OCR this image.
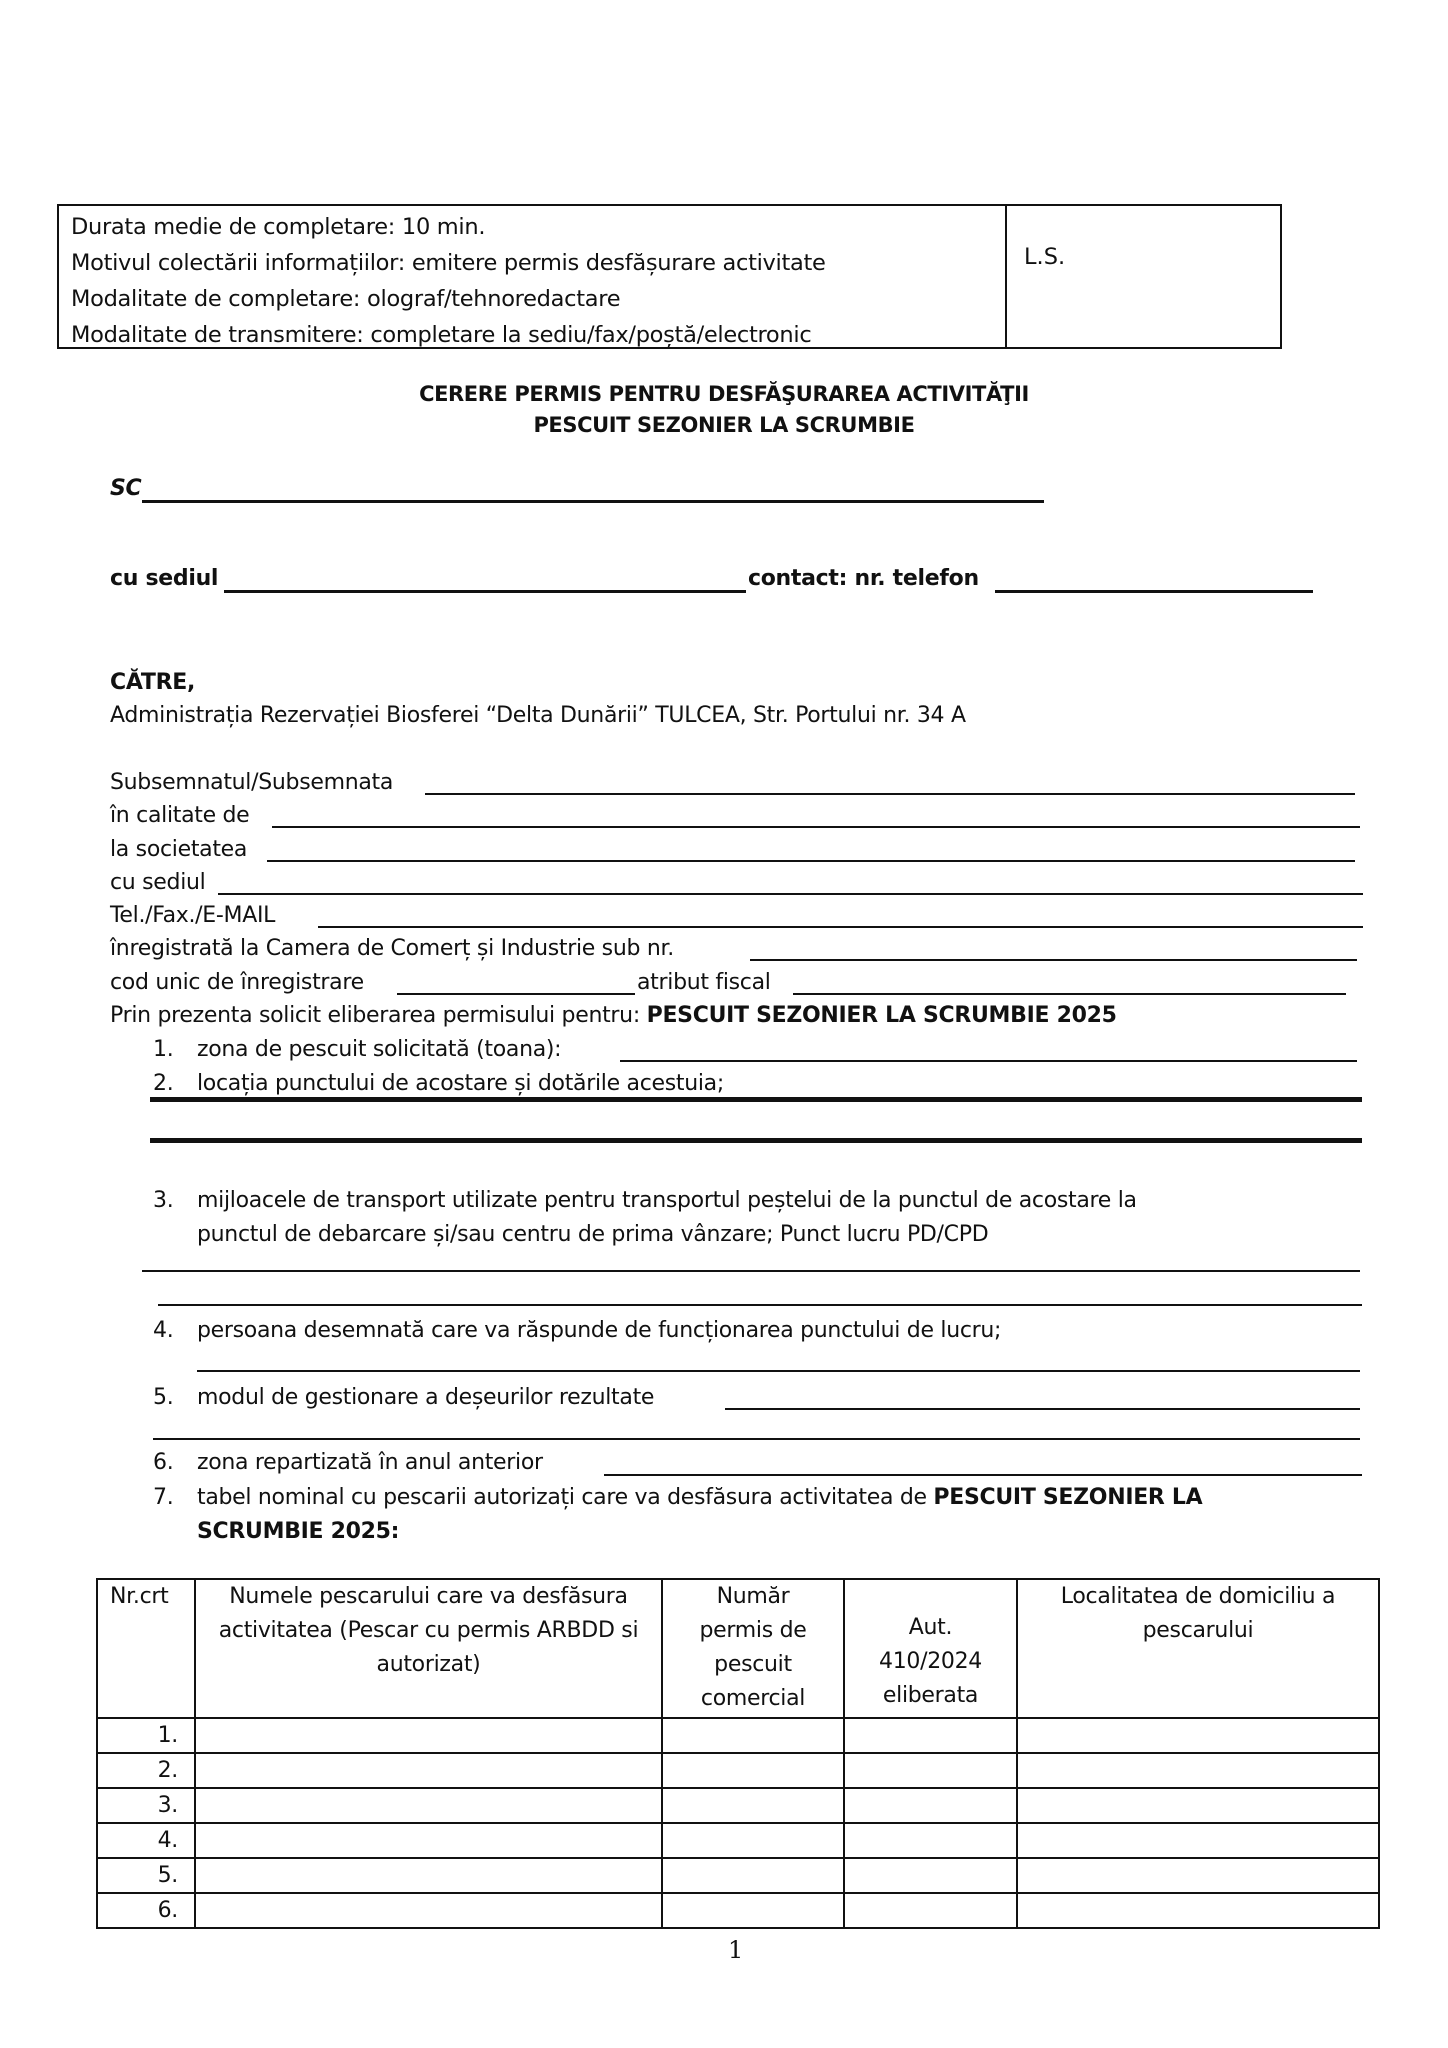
Durata medie de completare: 10 min.
Motivul colectării informațiilor: emitere permis desfășurare activitate
Modalitate de completare: olograf/tehnoredactare
Modalitate de transmitere: completare la sediu/fax/poștă/electronic
L.S.
CERERE PERMIS PENTRU DESFĂŞURAREA ACTIVITĂŢII
PESCUIT SEZONIER LA SCRUMBIE
SC
cu sediul	contact: nr. telefon
CĂTRE,
Administrația Rezervației Biosferei “Delta Dunării” TULCEA, Str. Portului nr. 34 A
Subsemnatul/Subsemnata
în calitate de
la societatea
cu sediul
Tel./Fax./E-MAIL
înregistrată la Camera de Comerț și Industrie sub nr.
cod unic de înregistrare	atribut fiscal
Prin prezenta solicit eliberarea permisului pentru: PESCUIT SEZONIER LA SCRUMBIE 2025
1. zona de pescuit solicitată (toana):
2. locația punctului de acostare și dotările acestuia;
3. mijloacele de transport utilizate pentru transportul peștelui de la punctul de acostare la
punctul de debarcare și/sau centru de prima vânzare; Punct lucru PD/CPD
4. persoana desemnată care va răspunde de funcționarea punctului de lucru;
5. modul de gestionare a deșeurilor rezultate
6. zona repartizată în anul anterior
7. tabel nominal cu pescarii autorizați care va desfăsura activitatea de PESCUIT SEZONIER LA
SCRUMBIE 2025:
Nr.crt	Numele pescarului care va desfăsura activitatea (Pescar cu permis ARBDD si autorizat)	Număr permis de pescuit comercial	Aut. 410/2024 eliberata	Localitatea de domiciliu a pescarului
1.				
2.				
3.				
4.				
5.				
6.				
1
